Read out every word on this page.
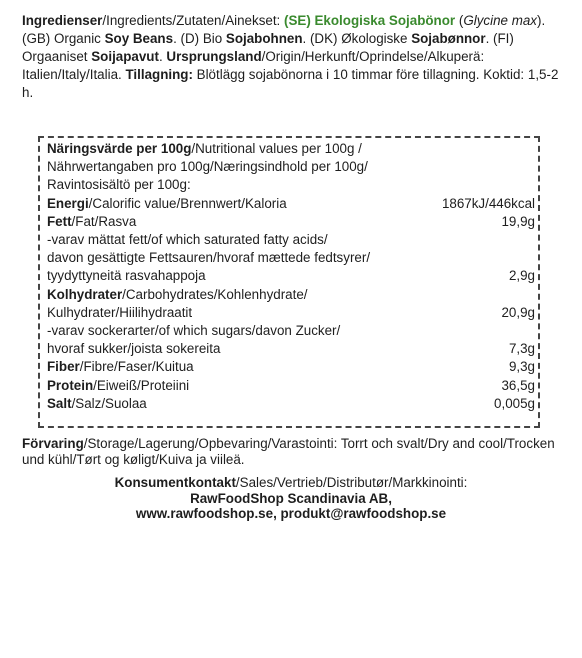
Ingredienser/Ingredients/Zutaten/Ainekset: (SE) Ekologiska Sojabönor (Glycine max). (GB) Organic Soy Beans. (D) Bio Sojabohnen. (DK) Økologiske Sojabønnor. (FI) Orgaaniset Soijapavut. Ursprungsland/Origin/Herkunft/Oprindelse/Alkuperä: Italien/Italy/Italia. Tillagning: Blötlägg sojabönorna i 10 timmar före tillagning. Koktid: 1,5-2 h.
Näringsvärde per 100g/Nutritional values per 100g /
Nährwertangaben pro 100g/Næringsindhold per 100g/
Ravintosisältö per 100g:
Energi/Calorific value/Brennwert/Kaloria	1867kJ/446kcal
Fett/Fat/Rasva	19,9g
-varav mättat fett/of which saturated fatty acids/
davon gesättigte Fettsauren/hvoraf mættede fedtsyrer/
tyydyttyneitä rasvahappoja	2,9g
Kolhydrater/Carbohydrates/Kohlenhydrate/
Kulhydrater/Hiilihydraatit	20,9g
-varav sockerarter/of which sugars/davon Zucker/
hvoraf sukker/joista sokereita	7,3g
Fiber/Fibre/Faser/Kuitua	9,3g
Protein/Eiweiß/Proteiini	36,5g
Salt/Salz/Suolaa	0,005g
Förvaring/Storage/Lagerung/Opbevaring/Varastointi: Torrt och svalt/Dry and cool/Trocken und kühl/Tørt og køligt/Kuiva ja viileä.
Konsumentkontakt/Sales/Vertrieb/Distributør/Markkinointi:
RawFoodShop Scandinavia AB,
www.rawfoodshop.se, produkt@rawfoodshop.se
